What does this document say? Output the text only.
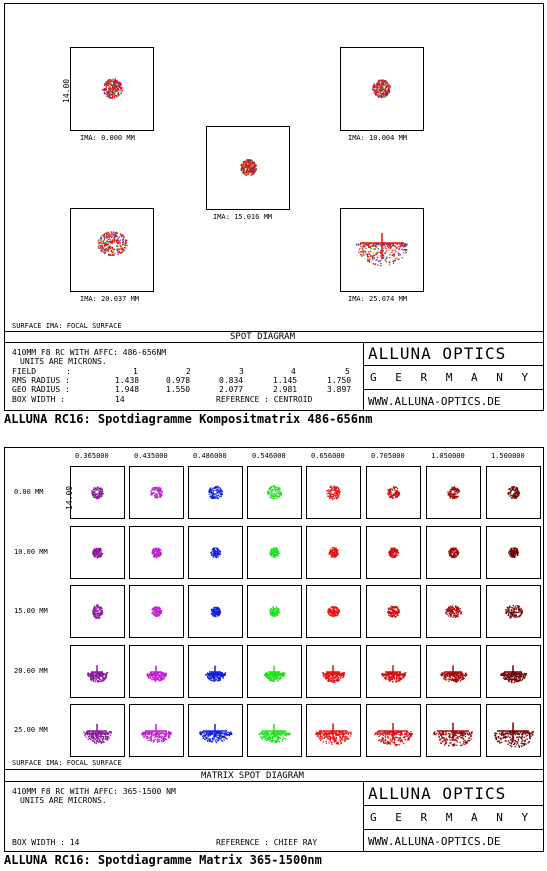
14.00
IMA: 0.000 MM	IMA: 10.004 MM
IMA: 15.016 MM
IMA: 20.037 MM	IMA: 25.074 MM
SURFACE IMA: FOCAL SURFACE
SPOT DIAGRAM
410MM F8 RC WITH AFFC: 486-656NM
UNITS ARE MICRONS.
FIELD	:	1	2	3	4	5
RMS RADIUS :	1.438	0.978	0.834	1.145	1.750
GEO RADIUS :	1.948	1.550	2.077	2.981	3.897
BOX WIDTH :	14	REFERENCE : CENTROID
ALLUNA OPTICS
G E R M A N Y
WWW.ALLUNA-OPTICS.DE
ALLUNA RC16: Spotdiagramme Kompositmatrix 486-656nm
0.365000	0.435000	0.486000	0.546000	0.656000	0.705000	1.050000	1.500000
0.00 MM
10.00 MM
15.00 MM
20.00 MM
25.00 MM
14.00
SURFACE IMA: FOCAL SURFACE
MATRIX SPOT DIAGRAM
410MM F8 RC WITH AFFC: 365-1500 NM
UNITS ARE MICRONS.
BOX WIDTH : 14	REFERENCE : CHIEF RAY
ALLUNA OPTICS
G E R M A N Y
WWW.ALLUNA-OPTICS.DE
ALLUNA RC16: Spotdiagramme Matrix 365-1500nm
